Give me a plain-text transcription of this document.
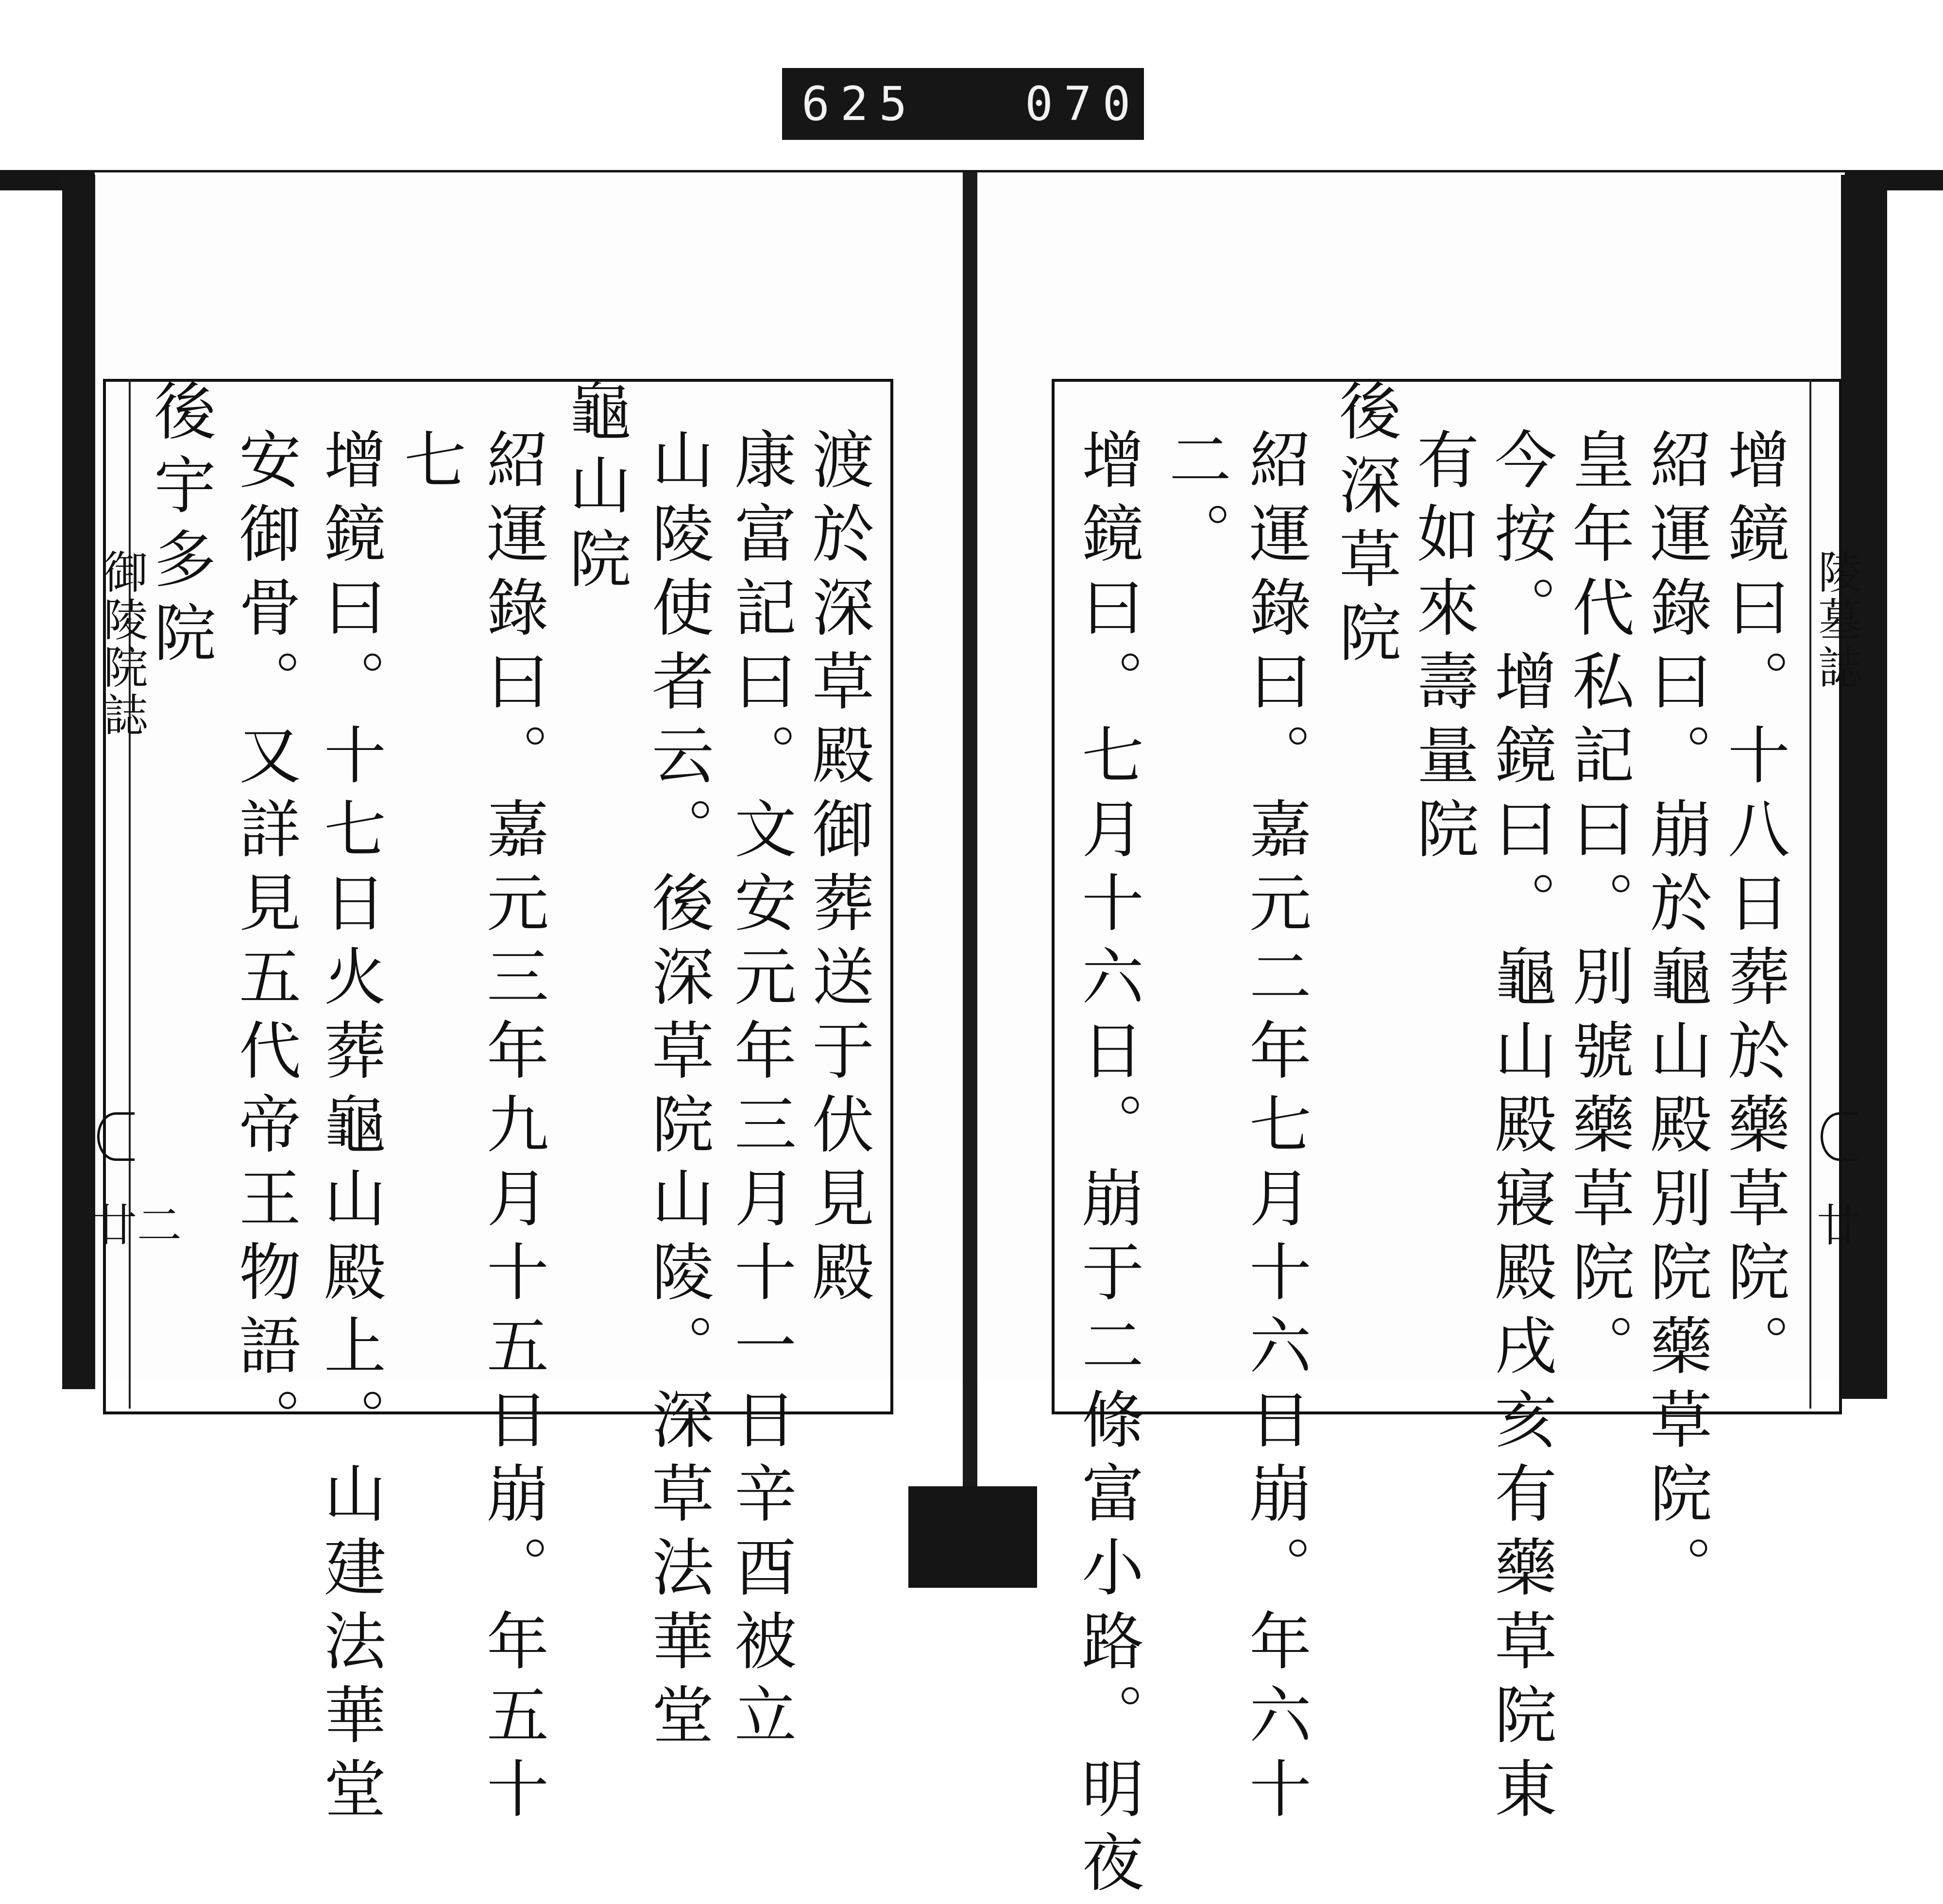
625 070
陵墓誌
廿
增鏡曰。十八日葬於藥草院。
紹運錄曰。崩於龜山殿別院藥草院。
皇年代私記曰。別號藥草院。
今按。增鏡曰。龜山殿寢殿戌亥有藥草院東
有如來壽量院
後深草院
紹運錄曰。嘉元二年七月十六日崩。年六十
二。
增鏡曰。七月十六日。崩于二條富小路。明夜
御陵院誌
廿二	渡於深草殿御葬送于伏見殿
康富記曰。文安元年三月十一日辛酉被立
山陵使者云。後深草院山陵。深草法華堂
龜山院
紹運錄曰。嘉元三年九月十五日崩。年五十
七
增鏡曰。十七日火葬龜山殿上。山建法華堂
安御骨。又詳見五代帝王物語。
後宇多院
